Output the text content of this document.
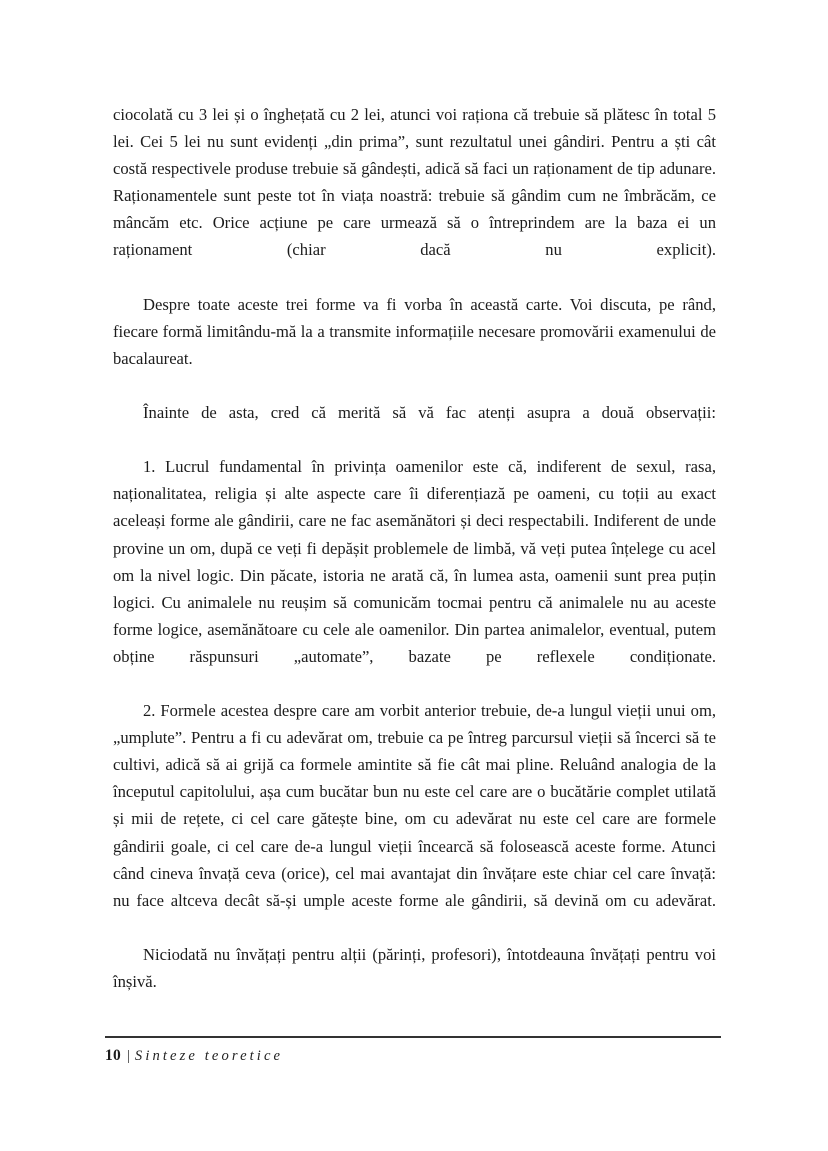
ciocolată cu 3 lei și o înghețată cu 2 lei, atunci voi raționa că trebuie să plătesc în total 5 lei. Cei 5 lei nu sunt evidenți „din prima”, sunt rezultatul unei gândiri. Pentru a ști cât costă respectivele produse trebuie să gândești, adică să faci un raționament de tip adunare. Raționamentele sunt peste tot în viața noastră: trebuie să gândim cum ne îmbrăcăm, ce mâncăm etc. Orice acțiune pe care urmează să o întreprindem are la baza ei un raționament (chiar dacă nu explicit).

Despre toate aceste trei forme va fi vorba în această carte. Voi discuta, pe rând, fiecare formă limitându-mă la a transmite informațiile necesare promovării examenului de bacalaureat.

Înainte de asta, cred că merită să vă fac atenți asupra a două observații:

1. Lucrul fundamental în privința oamenilor este că, indiferent de sexul, rasa, naționalitatea, religia și alte aspecte care îi diferențiază pe oameni, cu toții au exact aceleași forme ale gândirii, care ne fac asemănători și deci respectabili. Indiferent de unde provine un om, după ce veți fi depășit problemele de limbă, vă veți putea înțelege cu acel om la nivel logic. Din păcate, istoria ne arată că, în lumea asta, oamenii sunt prea puțin logici. Cu animalele nu reușim să comunicăm tocmai pentru că animalele nu au aceste forme logice, asemănătoare cu cele ale oamenilor. Din partea animalelor, eventual, putem obține răspunsuri „automate”, bazate pe reflexele condiționate.

2. Formele acestea despre care am vorbit anterior trebuie, de-a lungul vieții unui om, „umplute”. Pentru a fi cu adevărat om, trebuie ca pe întreg parcursul vieții să încerci să te cultivi, adică să ai grijă ca formele amintite să fie cât mai pline. Reluând analogia de la începutul capitolului, așa cum bucătar bun nu este cel care are o bucătărie complet utilată și mii de rețete, ci cel care gătește bine, om cu adevărat nu este cel care are formele gândirii goale, ci cel care de-a lungul vieții încearcă să folosească aceste forme. Atunci când cineva învață ceva (orice), cel mai avantajat din învățare este chiar cel care învață: nu face altceva decât să-și umple aceste forme ale gândirii, să devină om cu adevărat.

Niciodată nu învățați pentru alții (părinți, profesori), întotdeauna învățați pentru voi înșivă.

10 | Sinteze teoretice
